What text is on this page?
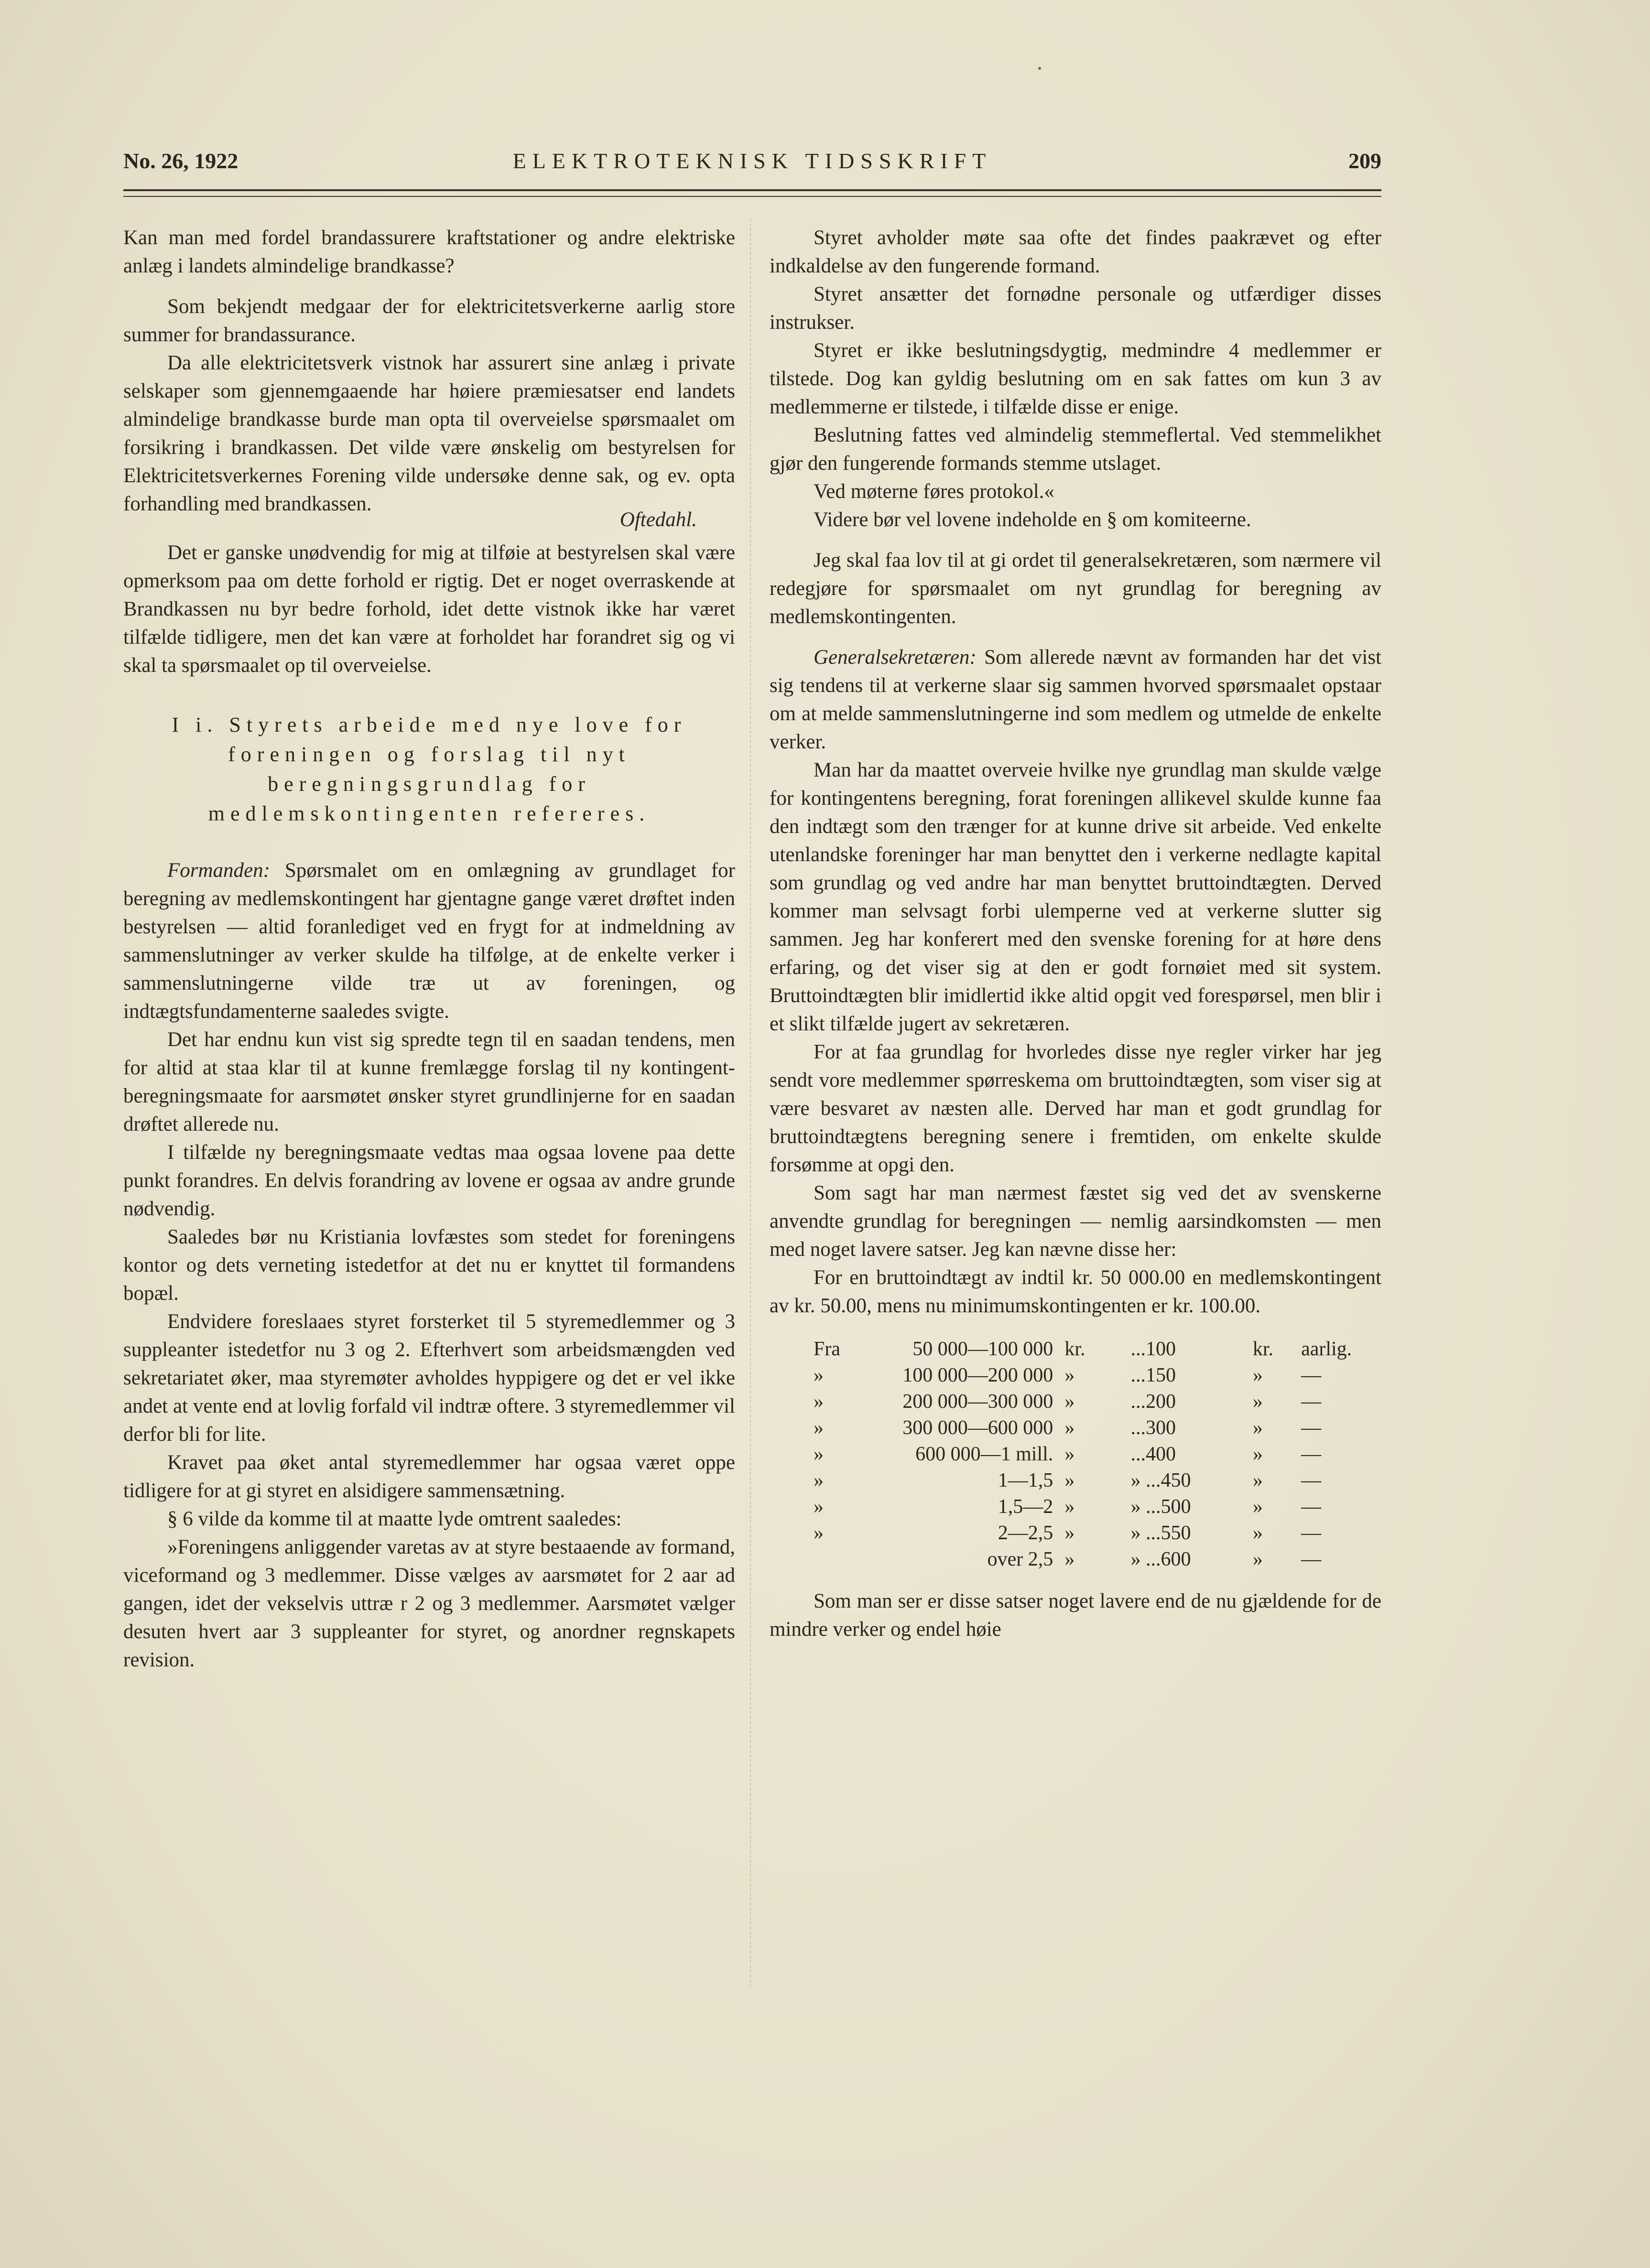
No. 26, 1922	ELEKTROTEKNISK TIDSSKRIFT	209

Kan man med fordel brandassurere kraftstationer og andre elektriske anlæg i landets almindelige brandkasse?

Som bekjendt medgaar der for elektricitetsverkerne aarlig store summer for brandassurance.

Da alle elektricitetsverk vistnok har assurert sine anlæg i private selskaper som gjennemgaaende har høiere præmiesatser end landets almindelige brandkasse burde man opta til overveielse spørsmaalet om forsikring i brandkassen. Det vilde være ønskelig om bestyrelsen for Elektricitetsverkernes Forening vilde undersøke denne sak, og ev. opta forhandling med brandkassen.

Oftedahl.

Det er ganske unødvendig for mig at tilføie at bestyrelsen skal være opmerksom paa om dette forhold er rigtig. Det er noget overraskende at Brandkassen nu byr bedre forhold, idet dette vistnok ikke har været tilfælde tidligere, men det kan være at forholdet har forandret sig og vi skal ta spørsmaalet op til overveielse.

I i. Styrets arbeide med nye love for foreningen og forslag til nyt beregningsgrundlag for medlemskontingenten refereres.

Formanden: Spørsmalet om en omlægning av grundlaget for beregning av medlemskontingent har gjentagne gange været drøftet inden bestyrelsen — altid foranlediget ved en frygt for at indmeldning av sammenslutninger av verker skulde ha tilfølge, at de enkelte verker i sammenslutningerne vilde træ ut av foreningen, og indtægtsfundamenterne saaledes svigte.

Det har endnu kun vist sig spredte tegn til en saadan tendens, men for altid at staa klar til at kunne fremlægge forslag til ny kontingent-beregningsmaate for aarsmøtet ønsker styret grundlinjerne for en saadan drøftet allerede nu.

I tilfælde ny beregningsmaate vedtas maa ogsaa lovene paa dette punkt forandres. En delvis forandring av lovene er ogsaa av andre grunde nødvendig.

Saaledes bør nu Kristiania lovfæstes som stedet for foreningens kontor og dets verneting istedetfor at det nu er knyttet til formandens bopæl.

Endvidere foreslaaes styret forsterket til 5 styremedlemmer og 3 suppleanter istedetfor nu 3 og 2. Efterhvert som arbeidsmængden ved sekretariatet øker, maa styremøter avholdes hyppigere og det er vel ikke andet at vente end at lovlig forfald vil indtræ oftere. 3 styremedlemmer vil derfor bli for lite.

Kravet paa øket antal styremedlemmer har ogsaa været oppe tidligere for at gi styret en alsidigere sammensætning.

§ 6 vilde da komme til at maatte lyde omtrent saaledes:

»Foreningens anliggender varetas av at styre bestaaende av formand, viceformand og 3 medlemmer. Disse vælges av aarsmøtet for 2 aar ad gangen, idet der vekselvis uttræ r 2 og 3 medlemmer. Aarsmøtet vælger desuten hvert aar 3 suppleanter for styret, og anordner regnskapets revision.

Styret avholder møte saa ofte det findes paakrævet og efter indkaldelse av den fungerende formand.

Styret ansætter det fornødne personale og utfærdiger disses instrukser.

Styret er ikke beslutningsdygtig, medmindre 4 medlemmer er tilstede. Dog kan gyldig beslutning om en sak fattes om kun 3 av medlemmerne er tilstede, i tilfælde disse er enige.

Beslutning fattes ved almindelig stemmeflertal. Ved stemmelikhet gjør den fungerende formands stemme utslaget.

Ved møterne føres protokol.«

Videre bør vel lovene indeholde en § om komiteerne.

Jeg skal faa lov til at gi ordet til generalsekretæren, som nærmere vil redegjøre for spørsmaalet om nyt grundlag for beregning av medlemskontingenten.

Generalsekretæren: Som allerede nævnt av formanden har det vist sig tendens til at verkerne slaar sig sammen hvorved spørsmaalet opstaar om at melde sammenslutningerne ind som medlem og utmelde de enkelte verker.

Man har da maattet overveie hvilke nye grundlag man skulde vælge for kontingentens beregning, forat foreningen allikevel skulde kunne faa den indtægt som den trænger for at kunne drive sit arbeide. Ved enkelte utenlandske foreninger har man benyttet den i verkerne nedlagte kapital som grundlag og ved andre har man benyttet bruttoindtægten. Derved kommer man selvsagt forbi ulemperne ved at verkerne slutter sig sammen. Jeg har konferert med den svenske forening for at høre dens erfaring, og det viser sig at den er godt fornøiet med sit system. Bruttoindtægten blir imidlertid ikke altid opgit ved forespørsel, men blir i et slikt tilfælde jugert av sekretæren.

For at faa grundlag for hvorledes disse nye regler virker har jeg sendt vore medlemmer spørreskema om bruttoindtægten, som viser sig at være besvaret av næsten alle. Derved har man et godt grundlag for bruttoindtægtens beregning senere i fremtiden, om enkelte skulde forsømme at opgi den.

Som sagt har man nærmest fæstet sig ved det av svenskerne anvendte grundlag for beregningen — nemlig aarsindkomsten — men med noget lavere satser. Jeg kan nævne disse her:

For en bruttoindtægt av indtil kr. 50 000.00 en medlemskontingent av kr. 50.00, mens nu minimumskontingenten er kr. 100.00.

Fra	50 000—100 000	kr.	...100	kr.	aarlig.
»	100 000—200 000	»	...150	»	—
»	200 000—300 000	»	...200	»	—
»	300 000—600 000	»	...300	»	—
»	600 000—1 mill.	»	...400	»	—
»	1—1,5	»	» ...450	»	—
»	1,5—2	»	» ...500	»	—
»	2—2,5	»	» ...550	»	—
	over 2,5	»	» ...600	»	—

Som man ser er disse satser noget lavere end de nu gjældende for de mindre verker og endel høie
